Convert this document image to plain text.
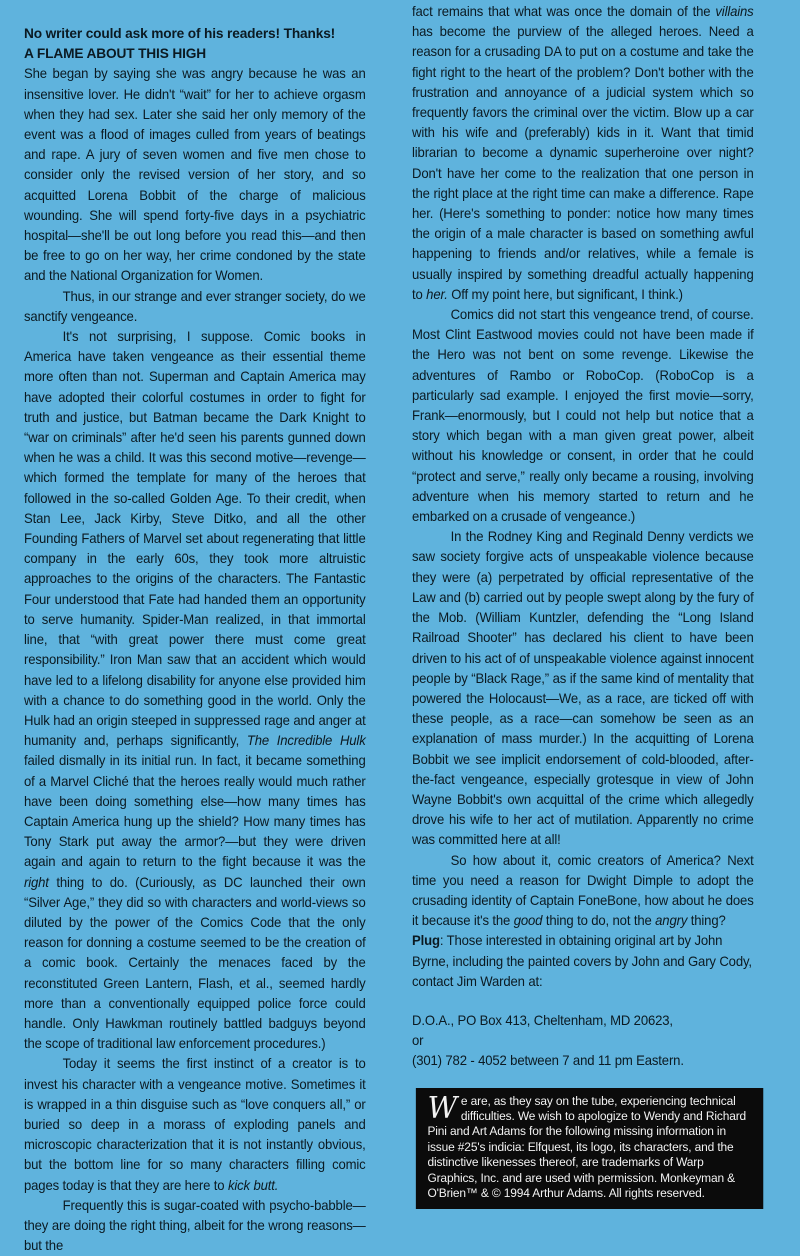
No writer could ask more of his readers! Thanks!

A FLAME ABOUT THIS HIGH

She began by saying she was angry because he was an insensitive lover. He didn't “wait” for her to achieve orgasm when they had sex. Later she said her only memory of the event was a flood of images culled from years of beatings and rape. A jury of seven women and five men chose to consider only the revised version of her story, and so acquitted Lorena Bobbit of the charge of malicious wounding. She will spend forty-five days in a psychiatric hospital—she'll be out long before you read this—and then be free to go on her way, her crime condoned by the state and the National Organization for Women.

Thus, in our strange and ever stranger society, do we sanctify vengeance.

It's not surprising, I suppose. Comic books in America have taken vengeance as their essential theme more often than not. Superman and Captain America may have adopted their colorful costumes in order to fight for truth and justice, but Batman became the Dark Knight to “war on criminals” after he'd seen his parents gunned down when he was a child. It was this second motive—revenge—which formed the template for many of the heroes that followed in the so-called Golden Age. To their credit, when Stan Lee, Jack Kirby, Steve Ditko, and all the other Founding Fathers of Marvel set about regenerating that little company in the early 60s, they took more altruistic approaches to the origins of the characters. The Fantastic Four understood that Fate had handed them an opportunity to serve humanity. Spider-Man realized, in that immortal line, that “with great power there must come great responsibility.” Iron Man saw that an accident which would have led to a lifelong disability for anyone else provided him with a chance to do something good in the world. Only the Hulk had an origin steeped in suppressed rage and anger at humanity and, perhaps significantly, The Incredible Hulk failed dismally in its initial run. In fact, it became something of a Marvel Cliché that the heroes really would much rather have been doing something else—how many times has Captain America hung up the shield? How many times has Tony Stark put away the armor?—but they were driven again and again to return to the fight because it was the right thing to do. (Curiously, as DC launched their own “Silver Age,” they did so with characters and world-views so diluted by the power of the Comics Code that the only reason for donning a costume seemed to be the creation of a comic book. Certainly the menaces faced by the reconstituted Green Lantern, Flash, et al., seemed hardly more than a conventionally equipped police force could handle. Only Hawkman routinely battled badguys beyond the scope of traditional law enforcement procedures.)

Today it seems the first instinct of a creator is to invest his character with a vengeance motive. Sometimes it is wrapped in a thin disguise such as “love conquers all,” or buried so deep in a morass of exploding panels and microscopic characterization that it is not instantly obvious, but the bottom line for so many characters filling comic pages today is that they are here to kick butt.

Frequently this is sugar-coated with psycho-babble—they are doing the right thing, albeit for the wrong reasons—but the

fact remains that what was once the domain of the villains has become the purview of the alleged heroes. Need a reason for a crusading DA to put on a costume and take the fight right to the heart of the problem? Don't bother with the frustration and annoyance of a judicial system which so frequently favors the criminal over the victim. Blow up a car with his wife and (preferably) kids in it. Want that timid librarian to become a dynamic superheroine over night? Don't have her come to the realization that one person in the right place at the right time can make a difference. Rape her. (Here's something to ponder: notice how many times the origin of a male character is based on something awful happening to friends and/or relatives, while a female is usually inspired by something dreadful actually happening to her. Off my point here, but significant, I think.)

Comics did not start this vengeance trend, of course. Most Clint Eastwood movies could not have been made if the Hero was not bent on some revenge. Likewise the adventures of Rambo or RoboCop. (RoboCop is a particularly sad example. I enjoyed the first movie—sorry, Frank—enormously, but I could not help but notice that a story which began with a man given great power, albeit without his knowledge or consent, in order that he could “protect and serve,” really only became a rousing, involving adventure when his memory started to return and he embarked on a crusade of vengeance.)

In the Rodney King and Reginald Denny verdicts we saw society forgive acts of unspeakable violence because they were (a) perpetrated by official representative of the Law and (b) carried out by people swept along by the fury of the Mob. (William Kuntzler, defending the “Long Island Railroad Shooter” has declared his client to have been driven to his act of of unspeakable violence against innocent people by “Black Rage,” as if the same kind of mentality that powered the Holocaust—We, as a race, are ticked off with these people, as a race—can somehow be seen as an explanation of mass murder.) In the acquitting of Lorena Bobbit we see implicit endorsement of cold-blooded, after-the-fact vengeance, especially grotesque in view of John Wayne Bobbit's own acquittal of the crime which allegedly drove his wife to her act of mutilation. Apparently no crime was committed here at all!

So how about it, comic creators of America? Next time you need a reason for Dwight Dimple to adopt the crusading identity of Captain FoneBone, how about he does it because it's the good thing to do, not the angry thing?

Plug: Those interested in obtaining original art by John Byrne, including the painted covers by John and Gary Cody, contact Jim Warden at:

D.O.A., PO Box 413, Cheltenham, MD 20623,
or
(301) 782 - 4052 between 7 and 11 pm Eastern.
We are, as they say on the tube, experiencing technical difficulties. We wish to apologize to Wendy and Richard Pini and Art Adams for the following missing information in issue #25's indicia: Elfquest, its logo, its characters, and the distinctive likenesses thereof, are trademarks of Warp Graphics, Inc. and are used with permission. Monkeyman & O'Brien™ & © 1994 Arthur Adams. All rights reserved.
